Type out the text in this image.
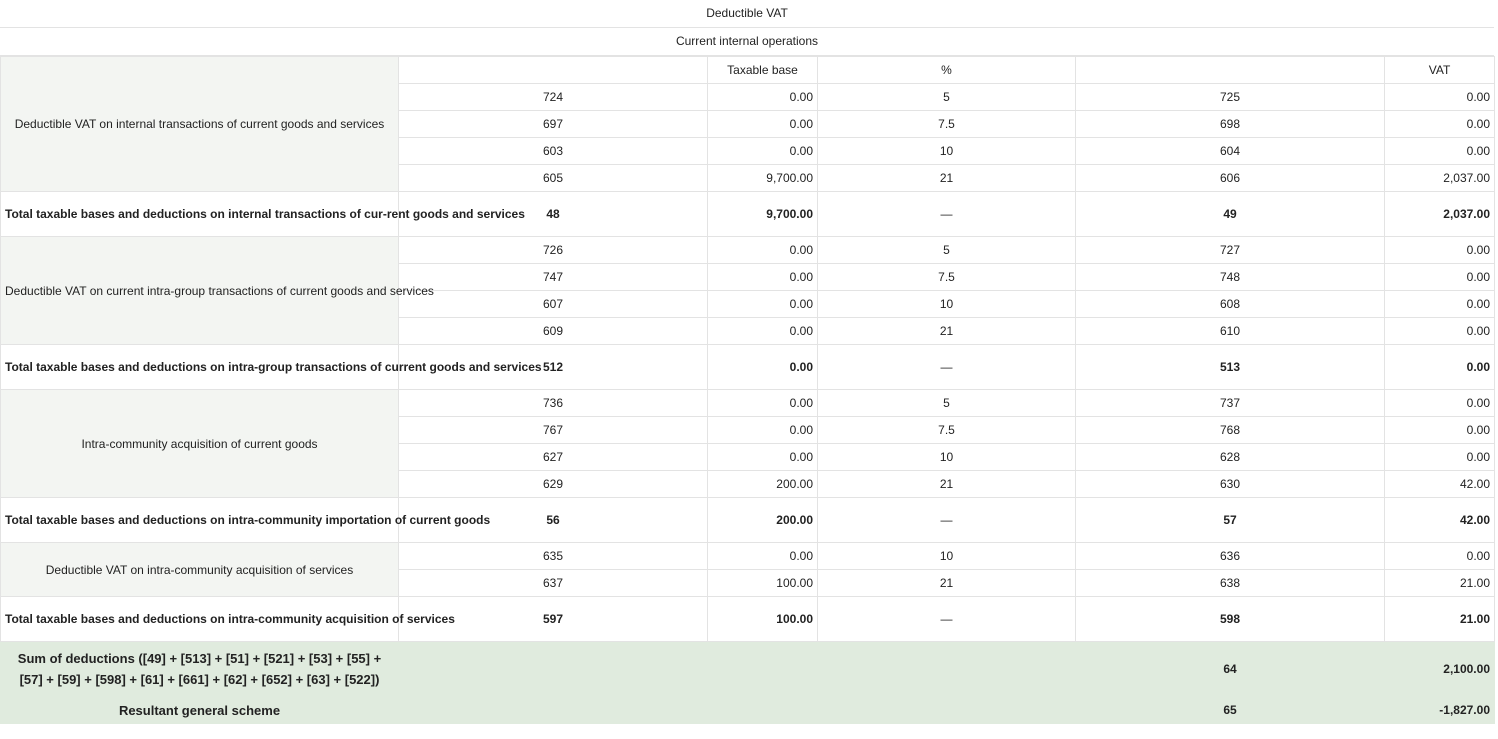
Deductible VAT
Current internal operations
Deductible VAT on internal transactions of current goods and services		Taxable base	%		VAT
	724	0.00	5	725	0.00
	697	0.00	7.5	698	0.00
	603	0.00	10	604	0.00
	605	9,700.00	21	606	2,037.00
Total taxable bases and deductions on internal transactions of cur-rent goods and services	48	9,700.00	—	49	2,037.00
Deductible VAT on current intra-group transactions of current goods and services	726	0.00	5	727	0.00
	747	0.00	7.5	748	0.00
	607	0.00	10	608	0.00
	609	0.00	21	610	0.00
Total taxable bases and deductions on intra-group transactions of current goods and services	512	0.00	—	513	0.00
Intra-community acquisition of current goods	736	0.00	5	737	0.00
	767	0.00	7.5	768	0.00
	627	0.00	10	628	0.00
	629	200.00	21	630	42.00
Total taxable bases and deductions on intra-community importation of current goods	56	200.00	—	57	42.00
Deductible VAT on intra-community acquisition of services	635	0.00	10	636	0.00
	637	100.00	21	638	21.00
Total taxable bases and deductions on intra-community acquisition of services	597	100.00	—	598	21.00
Sum of deductions ([49] + [513] + [51] + [521] + [53] + [55] + [57] + [59] + [598] + [61] + [661] + [62] + [652] + [63] + [522])				64	2,100.00
Resultant general scheme				65	-1,827.00
